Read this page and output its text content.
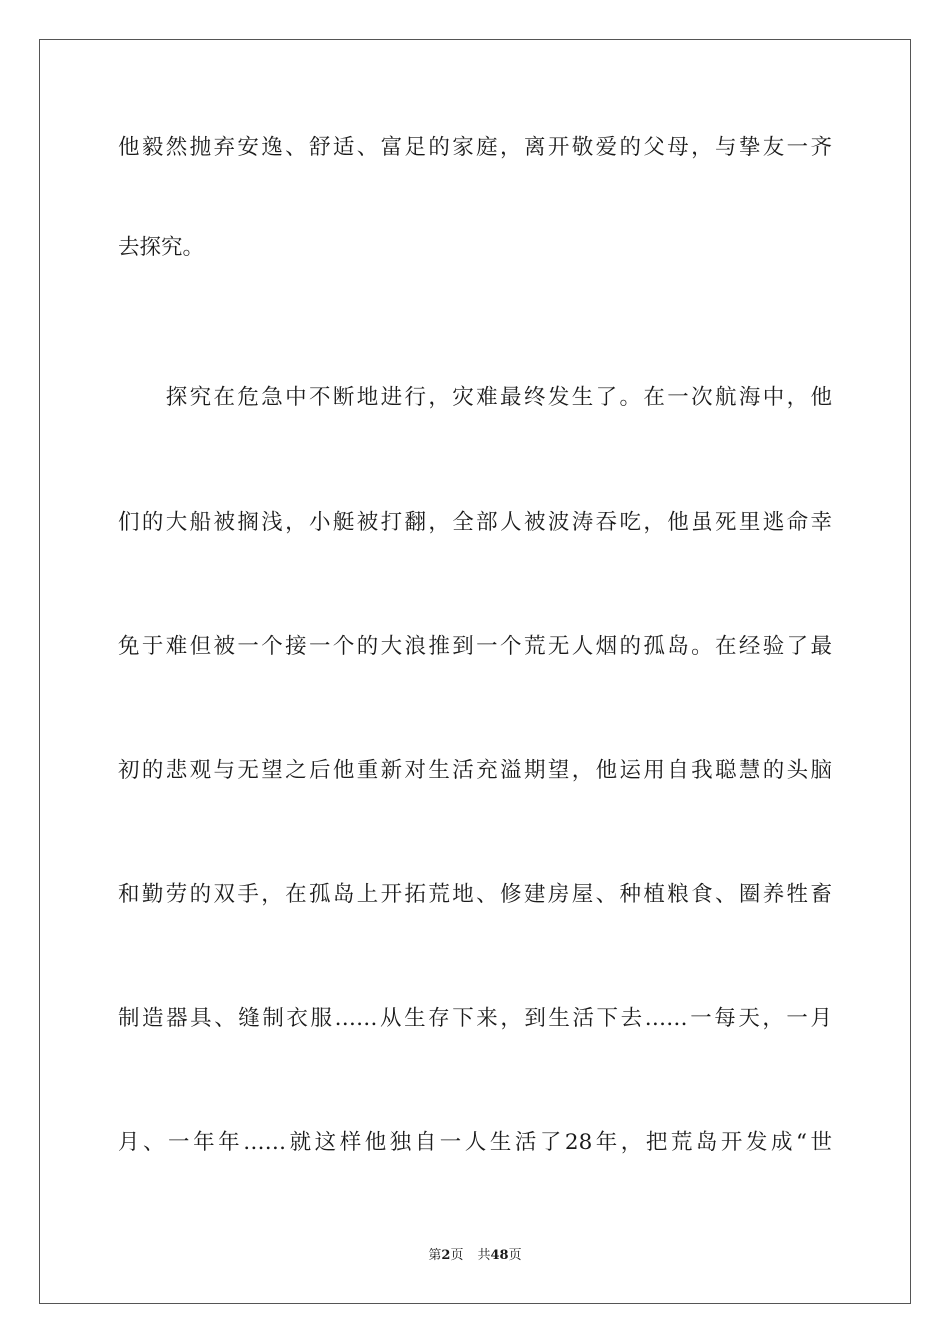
他毅然抛弃安逸、舒适、富足的家庭，离开敬爱的父母，与挚友一齐
去探究。
　　探究在危急中不断地进行，灾难最终发生了。在一次航海中，他
们的大船被搁浅，小艇被打翻，全部人被波涛吞吃，他虽死里逃命幸
免于难但被一个接一个的大浪推到一个荒无人烟的孤岛。在经验了最
初的悲观与无望之后他重新对生活充溢期望，他运用自我聪慧的头脑
和勤劳的双手，在孤岛上开拓荒地、修建房屋、种植粮食、圈养牲畜
制造器具、缝制衣服……从生存下来，到生活下去……一每天，一月
月、一年年……就这样他独自一人生活了28年，把荒岛开发成“世
第2页 共48页
